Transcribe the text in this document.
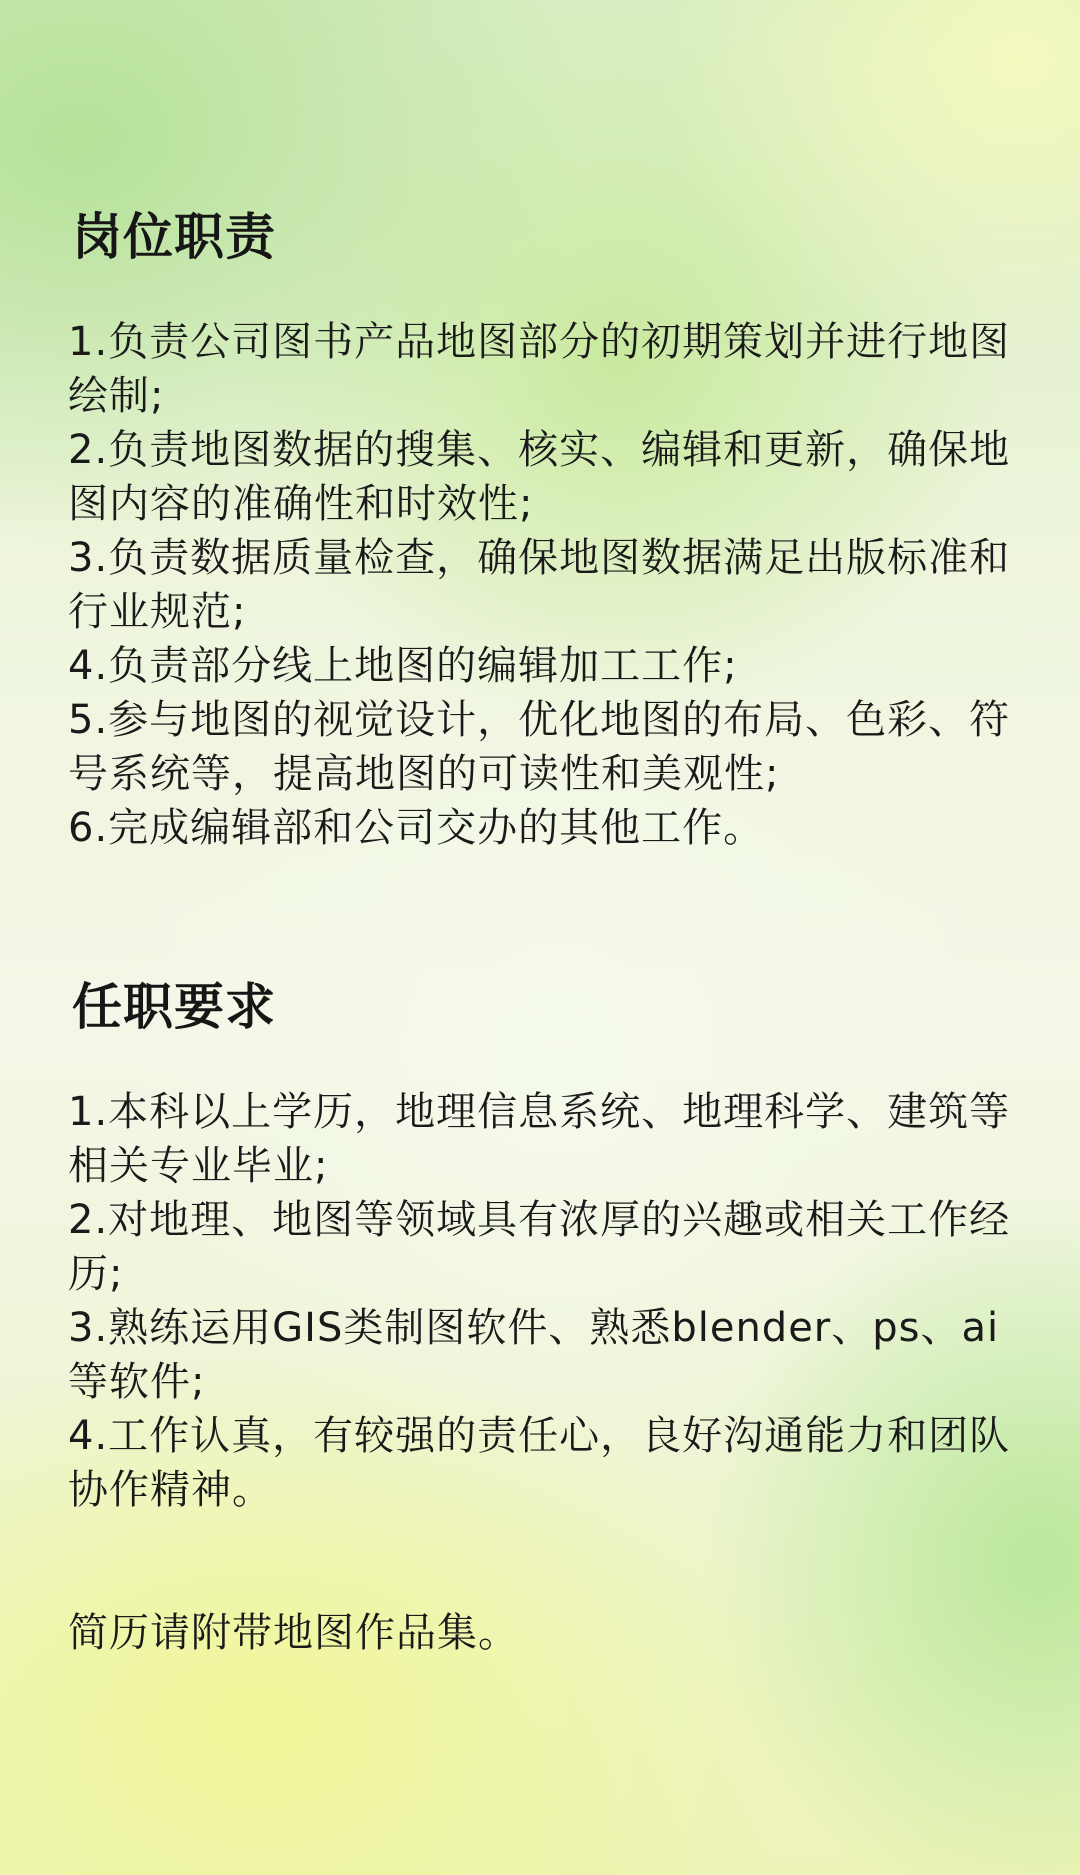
岗位职责

1.负责公司图书产品地图部分的初期策划并进行地图绘制;

2.负责地图数据的搜集、核实、编辑和更新，确保地图内容的准确性和时效性;

3.负责数据质量检查，确保地图数据满足出版标准和行业规范;

4.负责部分线上地图的编辑加工工作;

5.参与地图的视觉设计，优化地图的布局、色彩、符号系统等，提高地图的可读性和美观性;

6.完成编辑部和公司交办的其他工作。

任职要求

1.本科以上学历，地理信息系统、地理科学、建筑等相关专业毕业;

2.对地理、地图等领域具有浓厚的兴趣或相关工作经历;

3.熟练运用GIS类制图软件、熟悉blender、ps、ai等软件;

4.工作认真，有较强的责任心，良好沟通能力和团队协作精神。

简历请附带地图作品集。
